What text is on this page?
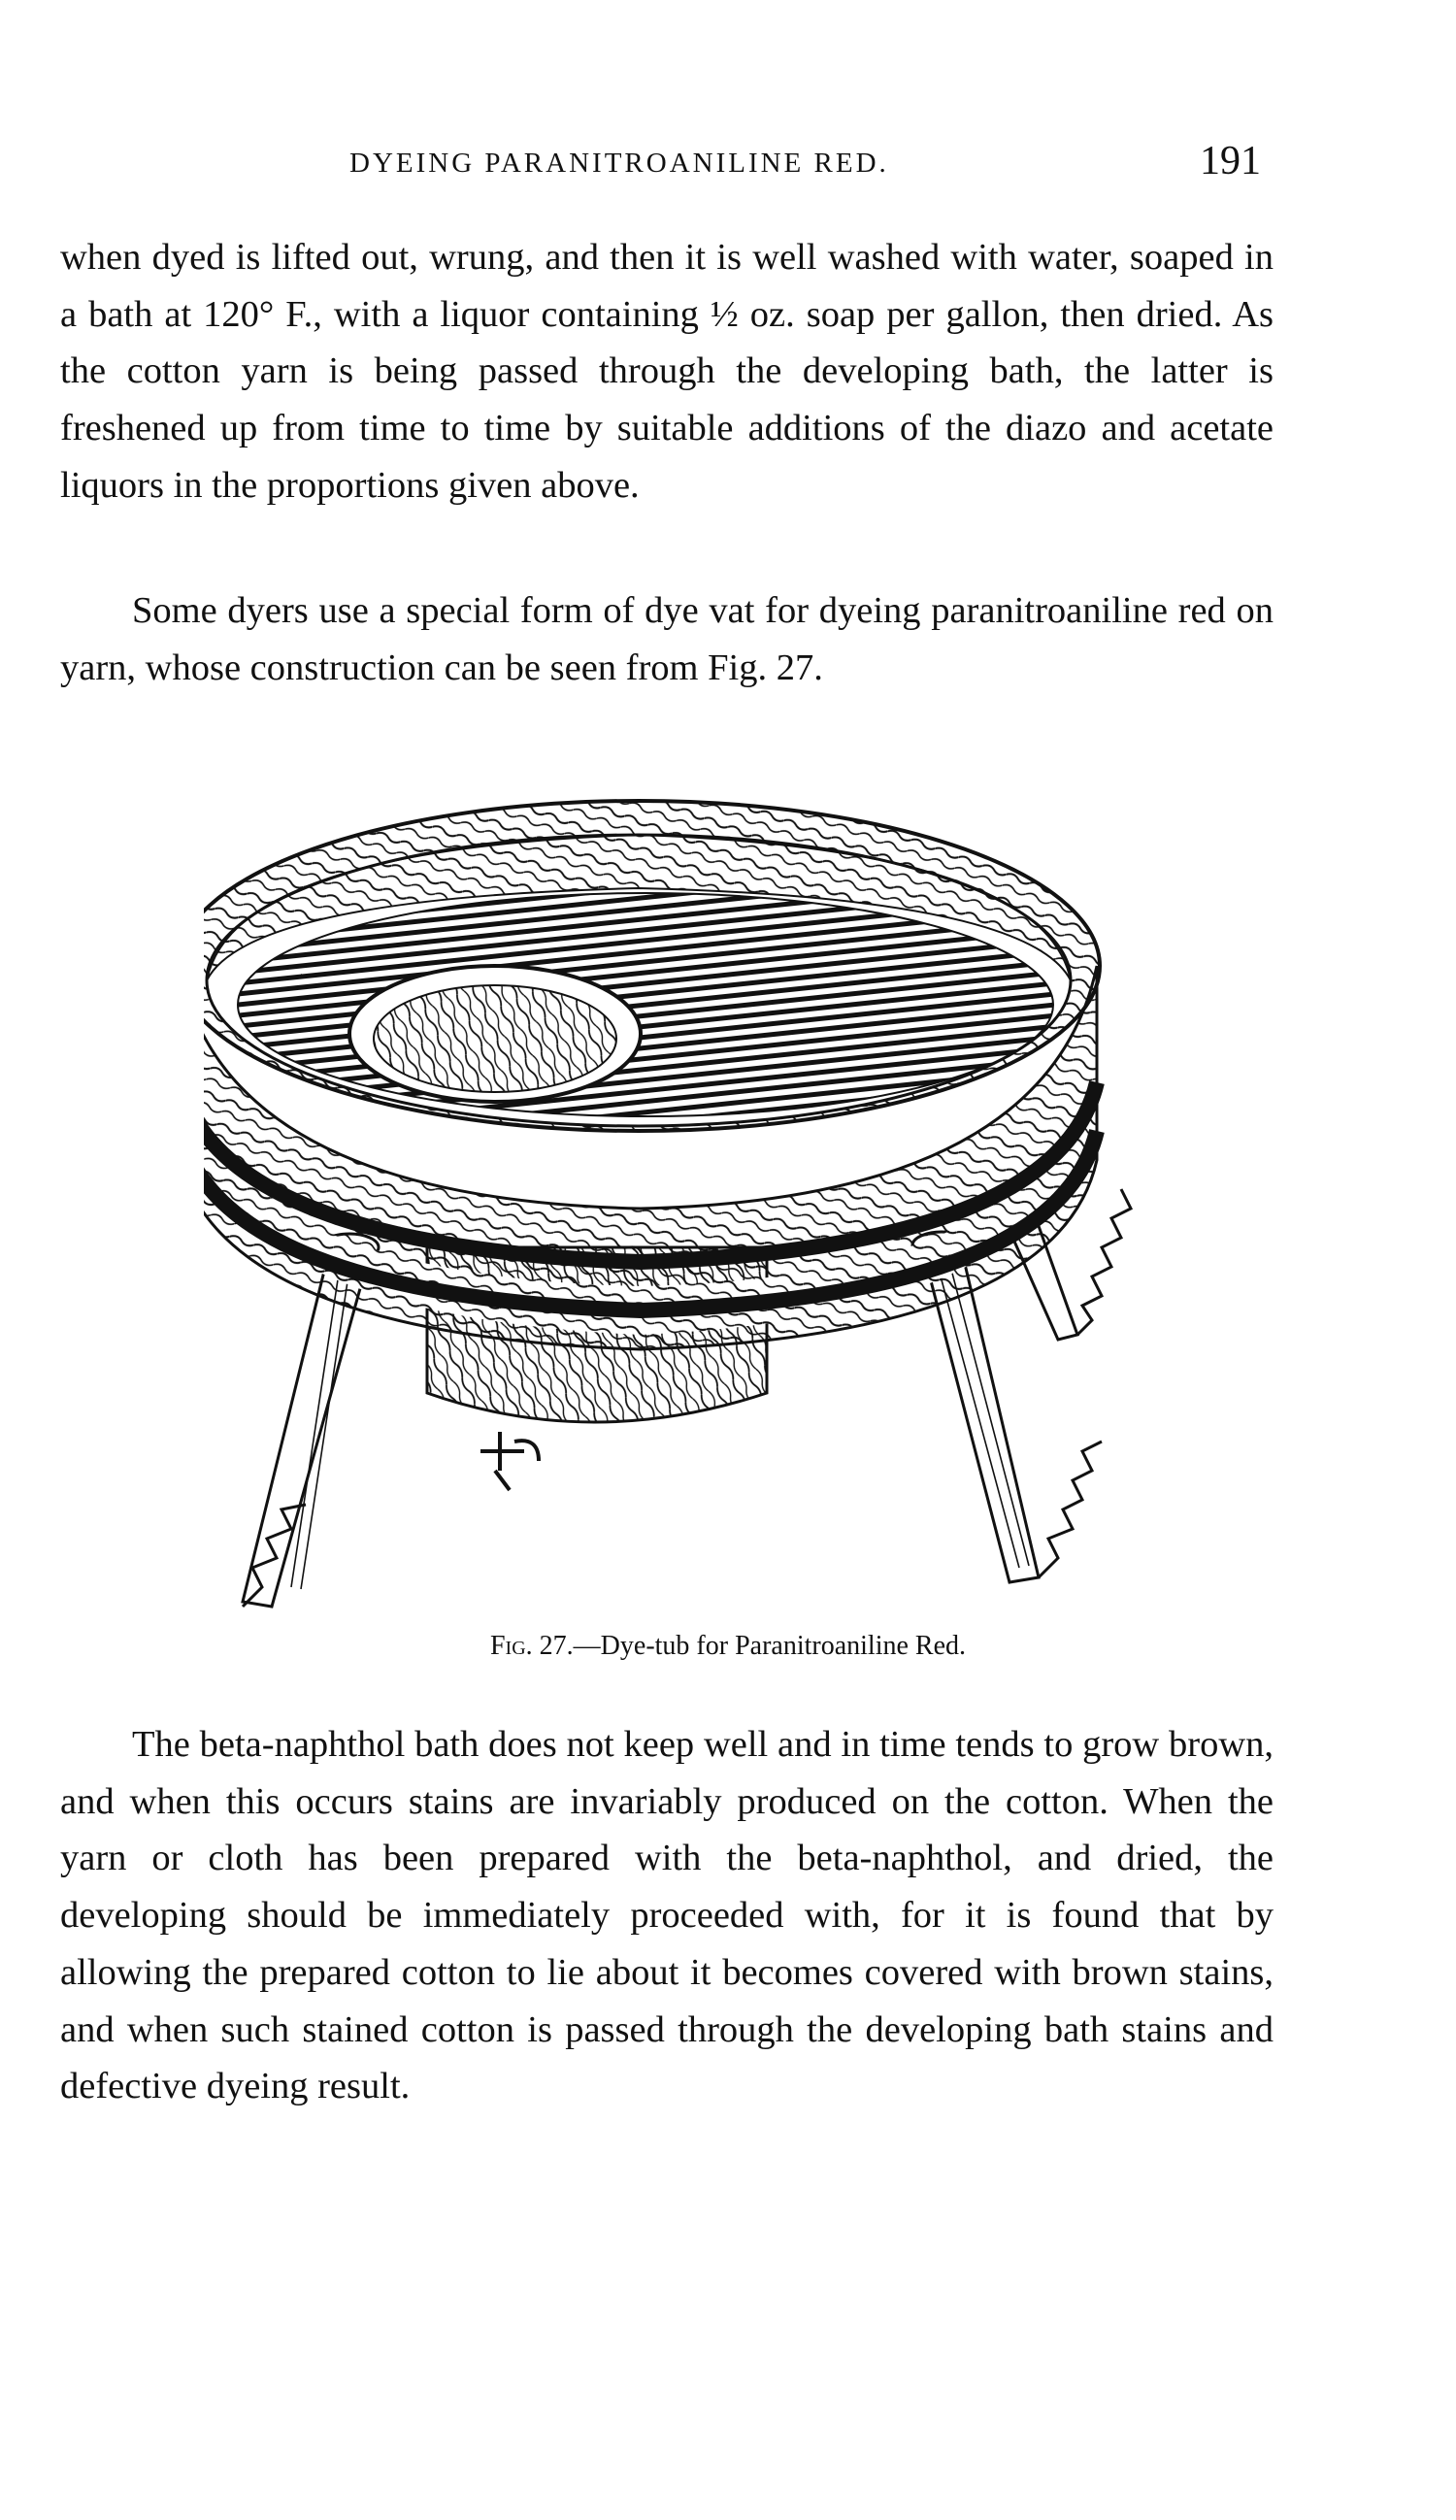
DYEING PARANITROANILINE RED.	191

when dyed is lifted out, wrung, and then it is well washed with water, soaped in a bath at 120° F., with a liquor containing ½ oz. soap per gallon, then dried. As the cotton yarn is being passed through the developing bath, the latter is freshened up from time to time by suitable additions of the diazo and acetate liquors in the proportions given above.

Some dyers use a special form of dye vat for dyeing paranitroaniline red on yarn, whose construction can be seen from Fig. 27.

Fig. 27.—Dye-tub for Paranitroaniline Red.

The beta-naphthol bath does not keep well and in time tends to grow brown, and when this occurs stains are invariably produced on the cotton. When the yarn or cloth has been prepared with the beta-naphthol, and dried, the developing should be immediately proceeded with, for it is found that by allowing the prepared cotton to lie about it becomes covered with brown stains, and when such stained cotton is passed through the developing bath stains and defective dyeing result.
